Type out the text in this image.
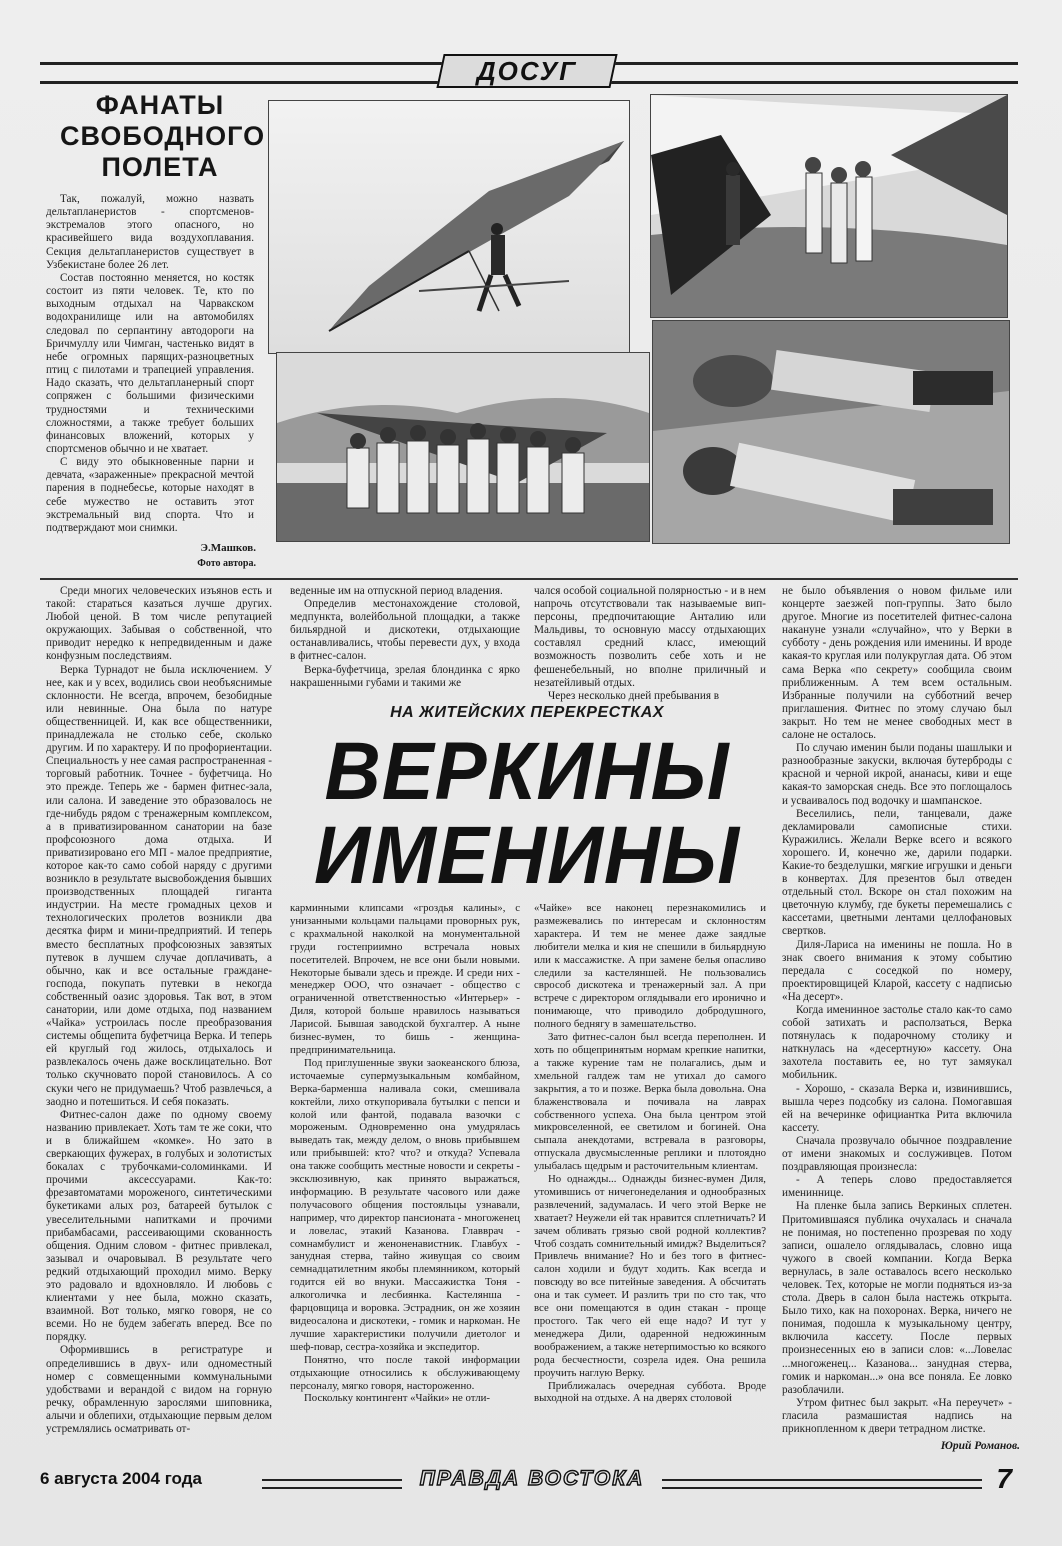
ДОСУГ
ФАНАТЫ
СВОБОДНОГО
ПОЛЕТА

Так, пожалуй, можно назвать дельтапланеристов - спортсменов-экстремалов этого опасного, но красивейшего вида воздухоплавания. Секция дельтапланеристов существует в Узбекистане более 26 лет.

Состав постоянно меняется, но костяк состоит из пяти человек. Те, кто по выходным отдыхал на Чарвакском водохранилище или на автомобилях следовал по серпантину автодороги на Бричмуллу или Чимган, частенько видят в небе огромных парящих-разноцветных птиц с пилотами и трапецией управления. Надо сказать, что дельтапланерный спорт сопряжен с большими физическими трудностями и техническими сложностями, а также требует больших финансовых вложений, которых у спортсменов обычно и не хватает.

С виду это обыкновенные парни и девчата, «зараженные» прекрасной мечтой парения в поднебесье, которые находят в себе мужество не оставить этот экстремальный вид спорта. Что и подтверждают мои снимки.

Э.Машков.
Фото автора.

Среди многих человеческих изъянов есть и такой: стараться казаться лучше других. Любой ценой. В том числе репутацией окружающих. Забывая о собственной, что приводит нередко к непредвиденным и даже конфузным последствиям.

Верка Турнадот не была исключением. У нее, как и у всех, водились свои необъяснимые склонности. Не всегда, впрочем, безобидные или невинные. Она была по натуре общественницей. И, как все общественники, принадлежала не столько себе, сколько другим. И по характеру. И по профориентации. Специальность у нее самая распространенная - торговый работник. Точнее - буфетчица. Но это прежде. Теперь же - бармен фитнес-зала, или салона. И заведение это образовалось не где-нибудь рядом с тренажерным комплексом, а в приватизированном санатории на базе профсоюзного дома отдыха. И приватизировано его МП - малое предприятие, которое как-то само собой наряду с другими возникло в результате высвобождения бывших производственных площадей гиганта индустрии. На месте громадных цехов и технологических пролетов возникли два десятка фирм и мини-предприятий. И теперь вместо бесплатных профсоюзных завзятых путевок в лучшем случае доплачивать, а обычно, как и все остальные граждане-господа, покупать путевки в некогда собственный оазис здоровья. Так вот, в этом санатории, или доме отдыха, под названием «Чайка» устроилась после преобразования системы общепита буфетчица Верка. И теперь ей круглый год жилось, отдыхалось и развлекалось очень даже восклицательно. Вот только скучновато порой становилось. А со скуки чего не придумаешь? Чтоб развлечься, а заодно и потешиться. И себя показать.

Фитнес-салон даже по одному своему названию привлекает. Хоть там те же соки, что и в ближайшем «комке». Но зато в сверкающих фужерах, в голубых и золотистых бокалах с трубочками-соломинками. И прочими аксессуарами. Как-то: фрезавтоматами мороженого, синтетическими букетиками алых роз, батареей бутылок с увеселительными напитками и прочими прибамбасами, рассеивающими скованность общения. Одним словом - фитнес привлекал, зазывал и очаровывал. В результате чего редкий отдыхающий проходил мимо. Верку это радовало и вдохновляло. И любовь с клиентами у нее была, можно сказать, взаимной. Вот только, мягко говоря, не со всеми. Но не будем забегать вперед. Все по порядку.

Оформившись в регистратуре и определившись в двух- или одноместный номер с совмещенными коммунальными удобствами и верандой с видом на горную речку, обрамленную зарослями шиповника, алычи и облепихи, отдыхающие первым делом устремлялись осматривать от-

веденные им на отпускной период владения.

Определив местонахождение столовой, медпункта, волейбольной площадки, а также бильярдной и дискотеки, отдыхающие останавливались, чтобы перевести дух, у входа в фитнес-салон.

Верка-буфетчица, зрелая блондинка с ярко накрашенными губами и такими же

чался особой социальной полярностью - и в нем напрочь отсутствовали так называемые вип-персоны, предпочитающие Анталию или Мальдивы, то основную массу отдыхающих составлял средний класс, имеющий возможность позволить себе хоть и не фешенебельный, но вполне приличный и незатейливый отдых.

Через несколько дней пребывания в

НА ЖИТЕЙСКИХ ПЕРЕКРЕСТКАХ
ВЕРКИНЫ
ИМЕНИНЫ

карминными клипсами «гроздья калины», с унизанными кольцами пальцами проворных рук, с крахмальной наколкой на монументальной груди гостеприимно встречала новых посетителей. Впрочем, не все они были новыми. Некоторые бывали здесь и прежде. И среди них - менеджер ООО, что означает - общество с ограниченной ответственностью «Интерьер» - Диля, которой больше нравилось называться Ларисой. Бывшая заводской бухгалтер. А ныне бизнес-вумен, то бишь - женщина-предпринимательница.

Под приглушенные звуки заокеанского блюза, источаемые супермузыкальным комбайном, Верка-барменша наливала соки, смешивала коктейли, лихо откупоривала бутылки с пепси и колой или фантой, подавала вазочки с мороженым. Одновременно она умудрялась выведать так, между делом, о вновь прибывшем или прибывшей: кто? что? и откуда? Успевала она также сообщить местные новости и секреты - эксклюзивную, как принято выражаться, информацию. В результате часового или даже получасового общения постояльцы узнавали, например, что директор пансионата - многоженец и ловелас, этакий Казанова. Главврач - сомнамбулист и женоненавистник. Главбух - занудная стерва, тайно живущая со своим семнадцатилетним якобы племянником, который годится ей во внуки. Массажистка Тоня - алкоголичка и лесбиянка. Кастелянша - фарцовщица и воровка. Эстрадник, он же хозяин видеосалона и дискотеки, - гомик и наркоман. Не лучшие характеристики получили диетолог и шеф-повар, сестра-хозяйка и экспедитор.

Понятно, что после такой информации отдыхающие относились к обслуживающему персоналу, мягко говоря, настороженно.

Поскольку контингент «Чайки» не отли-

«Чайке» все наконец перезнакомились и размежевались по интересам и склонностям характера. И тем не менее даже заядлые любители мелка и кия не спешили в бильярдную или к массажистке. А при замене белья опасливо следили за кастеляншей. Не пользовались сврособ дискотека и тренажерный зал. А при встрече с директором оглядывали его иронично и понимающе, что приводило добродушного, полного беднягу в замешательство.

Зато фитнес-салон был всегда переполнен. И хоть по общепринятым нормам крепкие напитки, а также курение там не полагались, дым и хмельной галдеж там не утихал до самого закрытия, а то и позже. Верка была довольна. Она блаженствовала и почивала на лаврах собственного успеха. Она была центром этой микровселенной, ее светилом и богиней. Она сыпала анекдотами, встревала в разговоры, отпускала двусмысленные реплики и плотоядно улыбалась щедрым и расточительным клиентам.

Но однажды... Однажды бизнес-вумен Диля, утомившись от ничегонеделания и однообразных развлечений, задумалась. И чего этой Верке не хватает? Неужели ей так нравится сплетничать? И зачем обливать грязью свой родной коллектив? Чтоб создать сомнительный имидж? Выделиться? Привлечь внимание? Но и без того в фитнес-салон ходили и будут ходить. Как всегда и повсюду во все питейные заведения. А обсчитать она и так сумеет. И разлить три по сто так, что все они помещаются в один стакан - проще простого. Так чего ей еще надо? И тут у менеджера Дили, одаренной недюжинным воображением, а также нетерпимостью ко всякого рода бесчестности, созрела идея. Она решила проучить наглую Верку.

Приближалась очередная суббота. Вроде выходной на отдыхе. А на дверях столовой

не было объявления о новом фильме или концерте заезжей поп-группы. Зато было другое. Многие из посетителей фитнес-салона накануне узнали «случайно», что у Верки в субботу - день рождения или именины. И вроде какая-то круглая или полукруглая дата. Об этом сама Верка «по секрету» сообщила своим приближенным. А тем всем остальным. Избранные получили на субботний вечер приглашения. Фитнес по этому случаю был закрыт. Но тем не менее свободных мест в салоне не осталось.

По случаю именин были поданы шашлыки и разнообразные закуски, включая бутерброды с красной и черной икрой, ананасы, киви и еще какая-то заморская снедь. Все это поглощалось и усваивалось под водочку и шампанское.

Веселились, пели, танцевали, даже декламировали самописные стихи. Куражились. Желали Верке всего и всякого хорошего. И, конечно же, дарили подарки. Какие-то безделушки, мягкие игрушки и деньги в конвертах. Для презентов был отведен отдельный стол. Вскоре он стал похожим на цветочную клумбу, где букеты перемешались с кассетами, цветными лентами целлофановых свертков.

Диля-Лариса на именины не пошла. Но в знак своего внимания к этому событию передала с соседкой по номеру, проектировщицей Кларой, кассету с надписью «На десерт».

Когда именинное застолье стало как-то само собой затихать и расползаться, Верка потянулась к подарочному столику и наткнулась на «десертную» кассету. Она захотела поставить ее, но тут замяукал мобильник.

- Хорошо, - сказала Верка и, извинившись, вышла через подсобку из салона. Помогавшая ей на вечеринке официантка Рита включила кассету.

Сначала прозвучало обычное поздравление от имени знакомых и сослуживцев. Потом поздравляющая произнесла:

- А теперь слово предоставляется имениннице.

На пленке была запись Веркиных сплетен. Притомившаяся публика очухалась и сначала не понимая, но постепенно прозревая по ходу записи, ошалело оглядывалась, словно ища чужого в своей компании. Когда Верка вернулась, в зале оставалось всего несколько человек. Тех, которые не могли подняться из-за стола. Дверь в салон была настежь открыта. Было тихо, как на похоронах. Верка, ничего не понимая, подошла к музыкальному центру, включила кассету. После первых произнесенных ею в записи слов: «...Ловелас ...многоженец... Казанова... занудная стерва, гомик и наркоман...» она все поняла. Ее ловко разоблачили.

Утром фитнес был закрыт. «На переучет» - гласила размашистая надпись на прикнопленном к двери тетрадном листке.

Юрий Романов.
6 августа 2004 года	ПРАВДА ВОСТОКА	7
